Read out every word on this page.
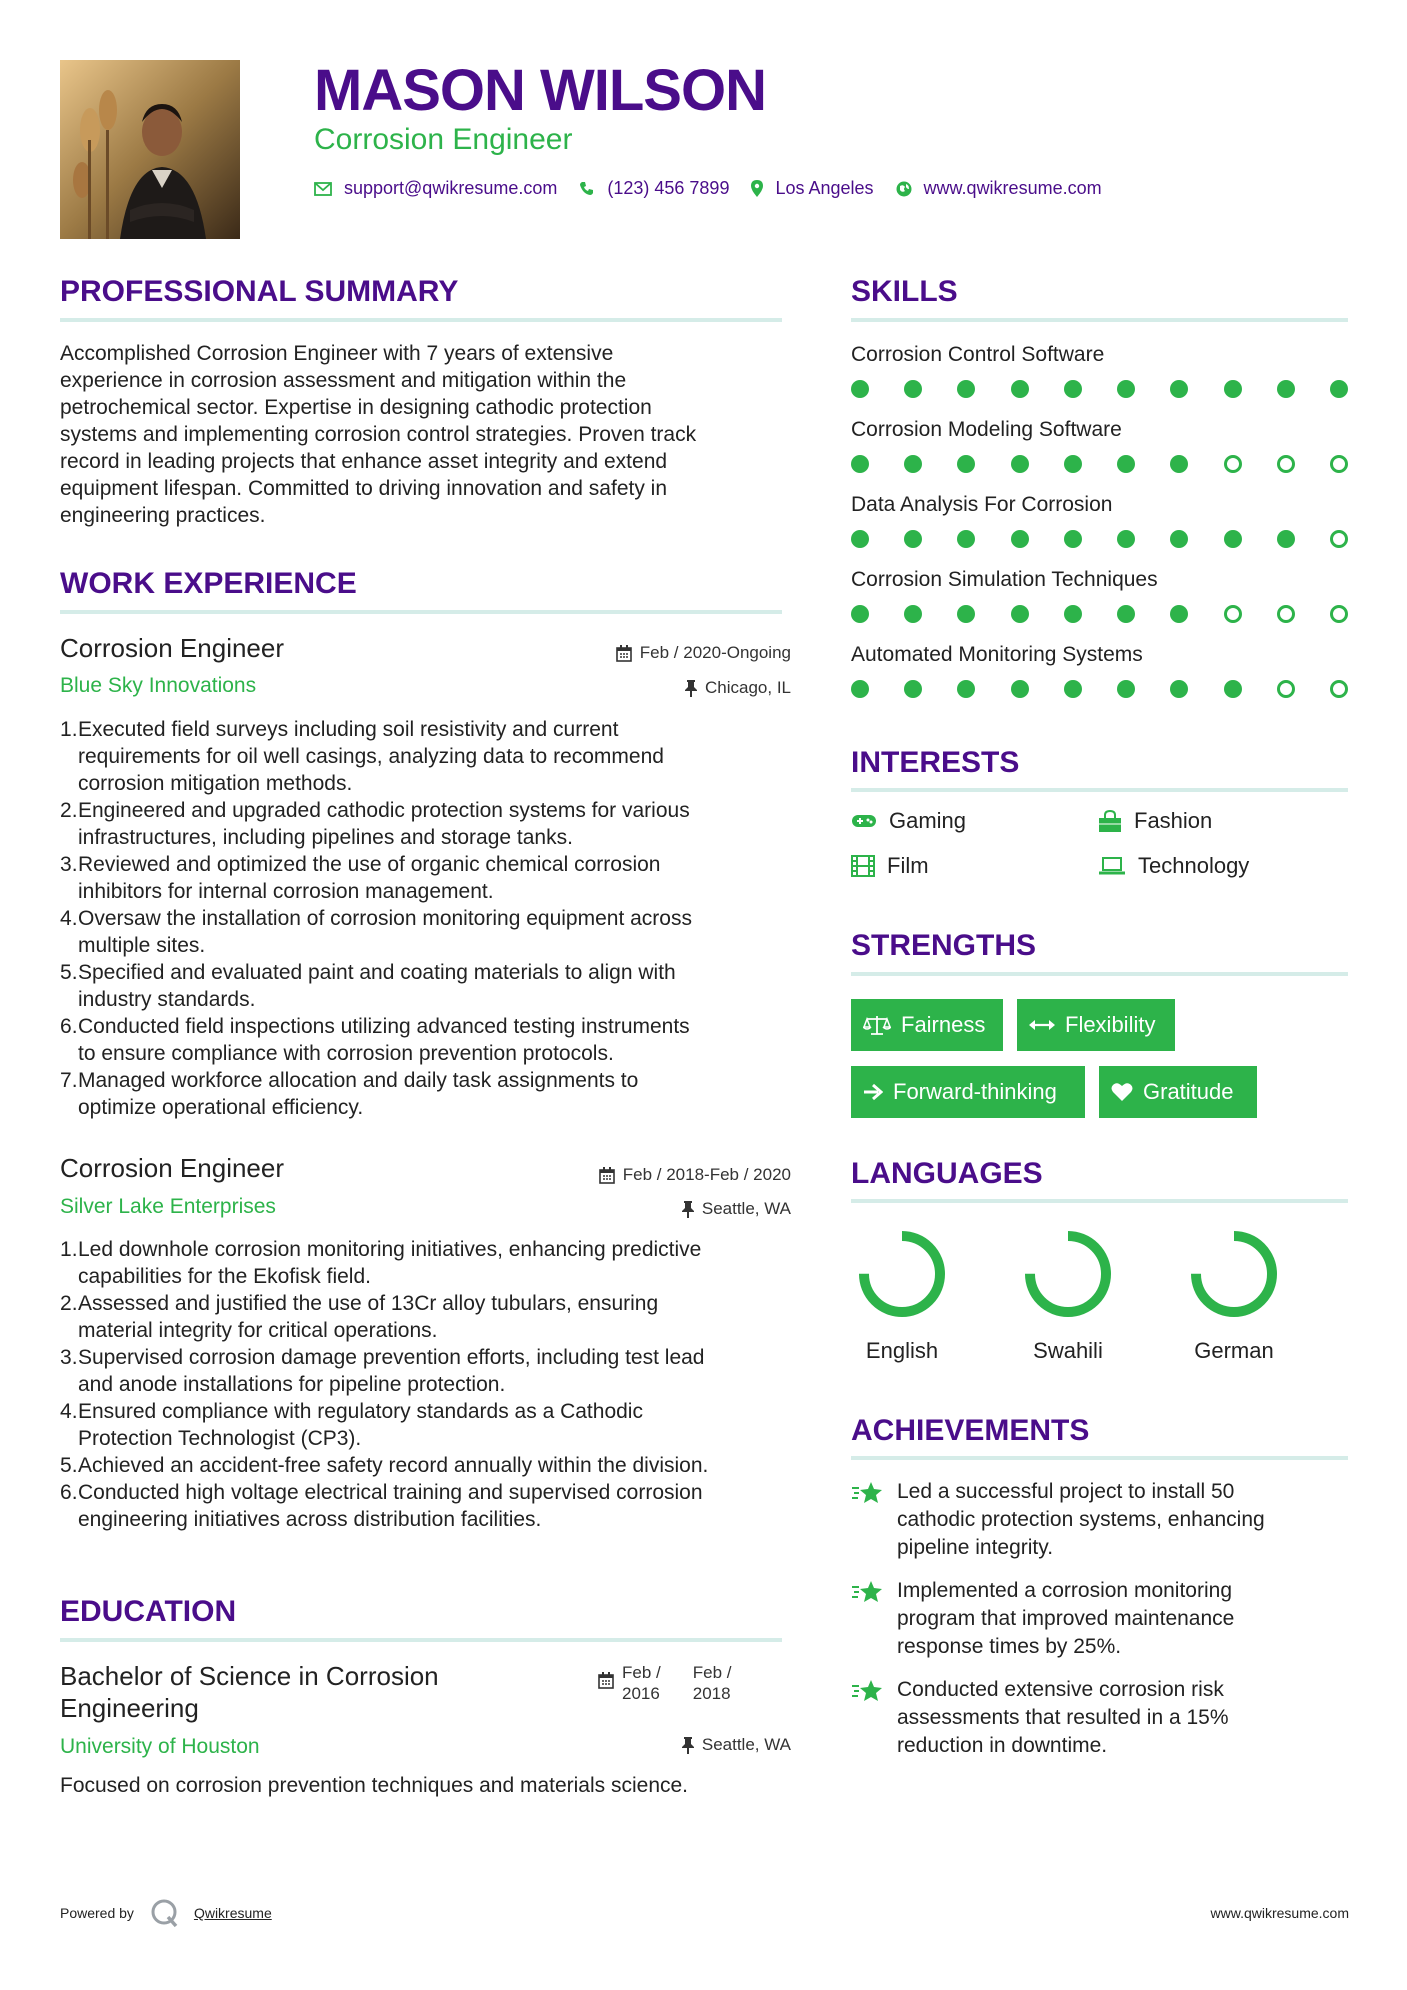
MASON WILSON
Corrosion Engineer
support@qwikresume.com	(123) 456 7899	Los Angeles	www.qwikresume.com
PROFESSIONAL SUMMARY
Accomplished Corrosion Engineer with 7 years of extensive
experience in corrosion assessment and mitigation within the
petrochemical sector. Expertise in designing cathodic protection
systems and implementing corrosion control strategies. Proven track
record in leading projects that enhance asset integrity and extend
equipment lifespan. Committed to driving innovation and safety in
engineering practices.
WORK EXPERIENCE
Corrosion Engineer
Blue Sky Innovations
Feb / 2020-Ongoing
Chicago, IL
Executed field surveys including soil resistivity and current
requirements for oil well casings, analyzing data to recommend
corrosion mitigation methods.
Engineered and upgraded cathodic protection systems for various
infrastructures, including pipelines and storage tanks.
Reviewed and optimized the use of organic chemical corrosion
inhibitors for internal corrosion management.
Oversaw the installation of corrosion monitoring equipment across
multiple sites.
Specified and evaluated paint and coating materials to align with
industry standards.
Conducted field inspections utilizing advanced testing instruments
to ensure compliance with corrosion prevention protocols.
Managed workforce allocation and daily task assignments to
optimize operational efficiency.
Corrosion Engineer
Silver Lake Enterprises
Feb / 2018-Feb / 2020
Seattle, WA
Led downhole corrosion monitoring initiatives, enhancing predictive
capabilities for the Ekofisk field.
Assessed and justified the use of 13Cr alloy tubulars, ensuring
material integrity for critical operations.
Supervised corrosion damage prevention efforts, including test lead
and anode installations for pipeline protection.
Ensured compliance with regulatory standards as a Cathodic
Protection Technologist (CP3).
Achieved an accident-free safety record annually within the division.
Conducted high voltage electrical training and supervised corrosion
engineering initiatives across distribution facilities.
EDUCATION
Bachelor of Science in Corrosion
Engineering
University of Houston
Feb /
2016
Feb /
2018
Seattle, WA
Focused on corrosion prevention techniques and materials science.
SKILLS
Corrosion Control Software
Corrosion Modeling Software
Data Analysis For Corrosion
Corrosion Simulation Techniques
Automated Monitoring Systems
INTERESTS
Gaming	Fashion
Film	Technology
STRENGTHS
Fairness	Flexibility
Forward-thinking	Gratitude
LANGUAGES
English	Swahili	German
ACHIEVEMENTS
Led a successful project to install 50
cathodic protection systems, enhancing
pipeline integrity.
Implemented a corrosion monitoring
program that improved maintenance
response times by 25%.
Conducted extensive corrosion risk
assessments that resulted in a 15%
reduction in downtime.
Powered by	Qwikresume	www.qwikresume.com
